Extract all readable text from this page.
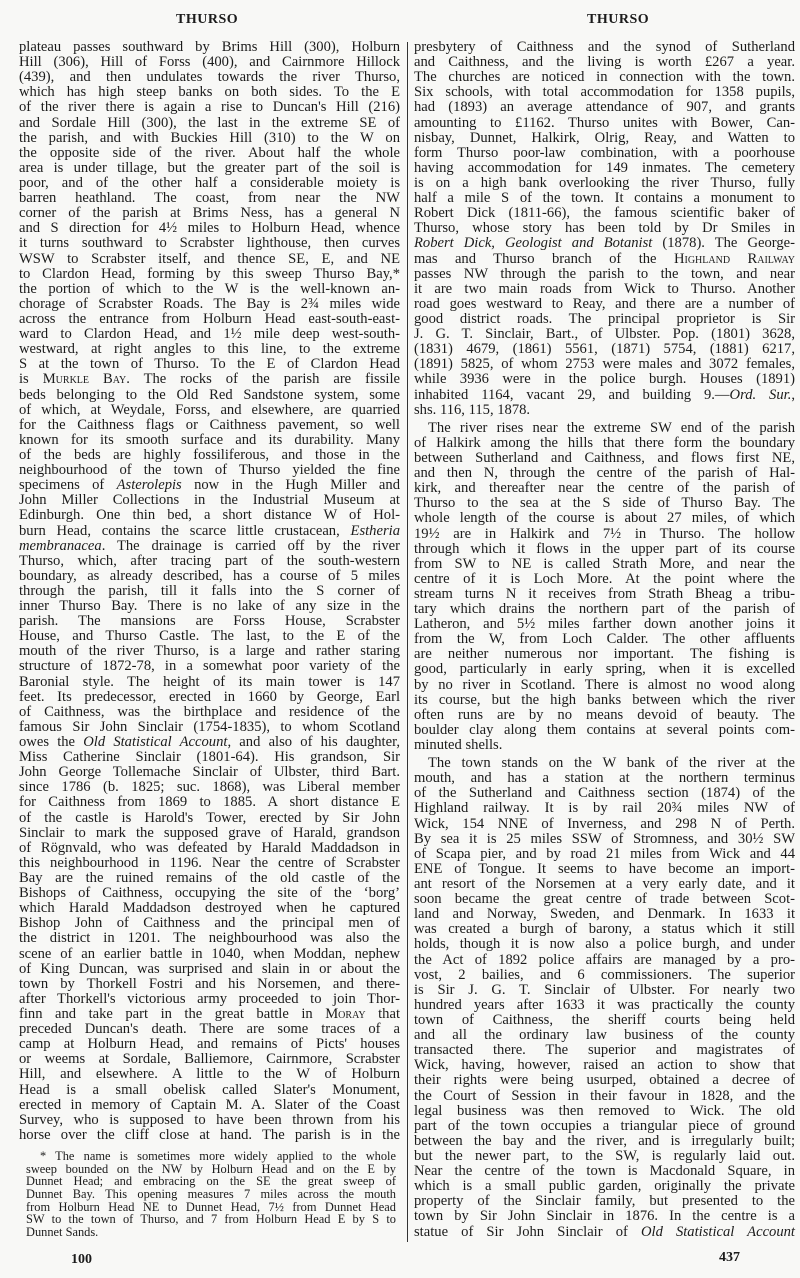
THURSO	THURSO
plateau passes southward by Brims Hill (300), Holburn
Hill (306), Hill of Forss (400), and Cairnmore Hillock
(439), and then undulates towards the river Thurso,
which has high steep banks on both sides. To the E
of the river there is again a rise to Duncan's Hill (216)
and Sordale Hill (300), the last in the extreme SE of
the parish, and with Buckies Hill (310) to the W on
the opposite side of the river. About half the whole
area is under tillage, but the greater part of the soil is
poor, and of the other half a considerable moiety is
barren heathland. The coast, from near the NW
corner of the parish at Brims Ness, has a general N
and S direction for 4½ miles to Holburn Head, whence
it turns southward to Scrabster lighthouse, then curves
WSW to Scrabster itself, and thence SE, E, and NE
to Clardon Head, forming by this sweep Thurso Bay,*
the portion of which to the W is the well-known an-
chorage of Scrabster Roads. The Bay is 2¾ miles wide
across the entrance from Holburn Head east-south-east-
ward to Clardon Head, and 1½ mile deep west-south-
westward, at right angles to this line, to the extreme
S at the town of Thurso. To the E of Clardon Head
is Murkle Bay. The rocks of the parish are fissile
beds belonging to the Old Red Sandstone system, some
of which, at Weydale, Forss, and elsewhere, are quarried
for the Caithness flags or Caithness pavement, so well
known for its smooth surface and its durability. Many
of the beds are highly fossiliferous, and those in the
neighbourhood of the town of Thurso yielded the fine
specimens of Asterolepis now in the Hugh Miller and
John Miller Collections in the Industrial Museum at
Edinburgh. One thin bed, a short distance W of Hol-
burn Head, contains the scarce little crustacean, Estheria
membranacea. The drainage is carried off by the river
Thurso, which, after tracing part of the south-western
boundary, as already described, has a course of 5 miles
through the parish, till it falls into the S corner of
inner Thurso Bay. There is no lake of any size in the
parish. The mansions are Forss House, Scrabster
House, and Thurso Castle. The last, to the E of the
mouth of the river Thurso, is a large and rather staring
structure of 1872-78, in a somewhat poor variety of the
Baronial style. The height of its main tower is 147
feet. Its predecessor, erected in 1660 by George, Earl
of Caithness, was the birthplace and residence of the
famous Sir John Sinclair (1754-1835), to whom Scotland
owes the Old Statistical Account, and also of his daughter,
Miss Catherine Sinclair (1801-64). His grandson, Sir
John George Tollemache Sinclair of Ulbster, third Bart.
since 1786 (b. 1825; suc. 1868), was Liberal member
for Caithness from 1869 to 1885. A short distance E
of the castle is Harold's Tower, erected by Sir John
Sinclair to mark the supposed grave of Harald, grandson
of Rögnvald, who was defeated by Harald Maddadson in
this neighbourhood in 1196. Near the centre of Scrabster
Bay are the ruined remains of the old castle of the
Bishops of Caithness, occupying the site of the ‘borg’
which Harald Maddadson destroyed when he captured
Bishop John of Caithness and the principal men of
the district in 1201. The neighbourhood was also the
scene of an earlier battle in 1040, when Moddan, nephew
of King Duncan, was surprised and slain in or about the
town by Thorkell Fostri and his Norsemen, and there-
after Thorkell's victorious army proceeded to join Thor-
finn and take part in the great battle in Moray that
preceded Duncan's death. There are some traces of a
camp at Holburn Head, and remains of Picts' houses
or weems at Sordale, Balliemore, Cairnmore, Scrabster
Hill, and elsewhere. A little to the W of Holburn
Head is a small obelisk called Slater's Monument,
erected in memory of Captain M. A. Slater of the Coast
Survey, who is supposed to have been thrown from his
horse over the cliff close at hand. The parish is in the
presbytery of Caithness and the synod of Sutherland
and Caithness, and the living is worth £267 a year.
The churches are noticed in connection with the town.
Six schools, with total accommodation for 1358 pupils,
had (1893) an average attendance of 907, and grants
amounting to £1162. Thurso unites with Bower, Can-
nisbay, Dunnet, Halkirk, Olrig, Reay, and Watten to
form Thurso poor-law combination, with a poorhouse
having accommodation for 149 inmates. The cemetery
is on a high bank overlooking the river Thurso, fully
half a mile S of the town. It contains a monument to
Robert Dick (1811-66), the famous scientific baker of
Thurso, whose story has been told by Dr Smiles in
Robert Dick, Geologist and Botanist (1878). The George-
mas and Thurso branch of the Highland Railway
passes NW through the parish to the town, and near
it are two main roads from Wick to Thurso. Another
road goes westward to Reay, and there are a number of
good district roads. The principal proprietor is Sir
J. G. T. Sinclair, Bart., of Ulbster. Pop. (1801) 3628,
(1831) 4679, (1861) 5561, (1871) 5754, (1881) 6217,
(1891) 5825, of whom 2753 were males and 3072 females,
while 3936 were in the police burgh. Houses (1891)
inhabited 1164, vacant 29, and building 9.—Ord. Sur.,
shs. 116, 115, 1878.
The river rises near the extreme SW end of the parish
of Halkirk among the hills that there form the boundary
between Sutherland and Caithness, and flows first NE,
and then N, through the centre of the parish of Hal-
kirk, and thereafter near the centre of the parish of
Thurso to the sea at the S side of Thurso Bay. The
whole length of the course is about 27 miles, of which
19½ are in Halkirk and 7½ in Thurso. The hollow
through which it flows in the upper part of its course
from SW to NE is called Strath More, and near the
centre of it is Loch More. At the point where the
stream turns N it receives from Strath Bheag a tribu-
tary which drains the northern part of the parish of
Latheron, and 5½ miles farther down another joins it
from the W, from Loch Calder. The other affluents
are neither numerous nor important. The fishing is
good, particularly in early spring, when it is excelled
by no river in Scotland. There is almost no wood along
its course, but the high banks between which the river
often runs are by no means devoid of beauty. The
boulder clay along them contains at several points com-
minuted shells.
The town stands on the W bank of the river at the
mouth, and has a station at the northern terminus
of the Sutherland and Caithness section (1874) of the
Highland railway. It is by rail 20¾ miles NW of
Wick, 154 NNE of Inverness, and 298 N of Perth.
By sea it is 25 miles SSW of Stromness, and 30½ SW
of Scapa pier, and by road 21 miles from Wick and 44
ENE of Tongue. It seems to have become an import-
ant resort of the Norsemen at a very early date, and it
soon became the great centre of trade between Scot-
land and Norway, Sweden, and Denmark. In 1633 it
was created a burgh of barony, a status which it still
holds, though it is now also a police burgh, and under
the Act of 1892 police affairs are managed by a pro-
vost, 2 bailies, and 6 commissioners. The superior
is Sir J. G. T. Sinclair of Ulbster. For nearly two
hundred years after 1633 it was practically the county
town of Caithness, the sheriff courts being held
and all the ordinary law business of the county
transacted there. The superior and magistrates of
Wick, having, however, raised an action to show that
their rights were being usurped, obtained a decree of
the Court of Session in their favour in 1828, and the
legal business was then removed to Wick. The old
part of the town occupies a triangular piece of ground
between the bay and the river, and is irregularly built;
but the newer part, to the SW, is regularly laid out.
Near the centre of the town is Macdonald Square, in
which is a small public garden, originally the private
property of the Sinclair family, but presented to the
town by Sir John Sinclair in 1876. In the centre is a
statue of Sir John Sinclair of Old Statistical Account
* The name is sometimes more widely applied to the whole
sweep bounded on the NW by Holburn Head and on the E by
Dunnet Head; and embracing on the SE the great sweep of
Dunnet Bay. This opening measures 7 miles across the mouth
from Holburn Head NE to Dunnet Head, 7½ from Dunnet Head
SW to the town of Thurso, and 7 from Holburn Head E by S to
Dunnet Sands.
100	437
